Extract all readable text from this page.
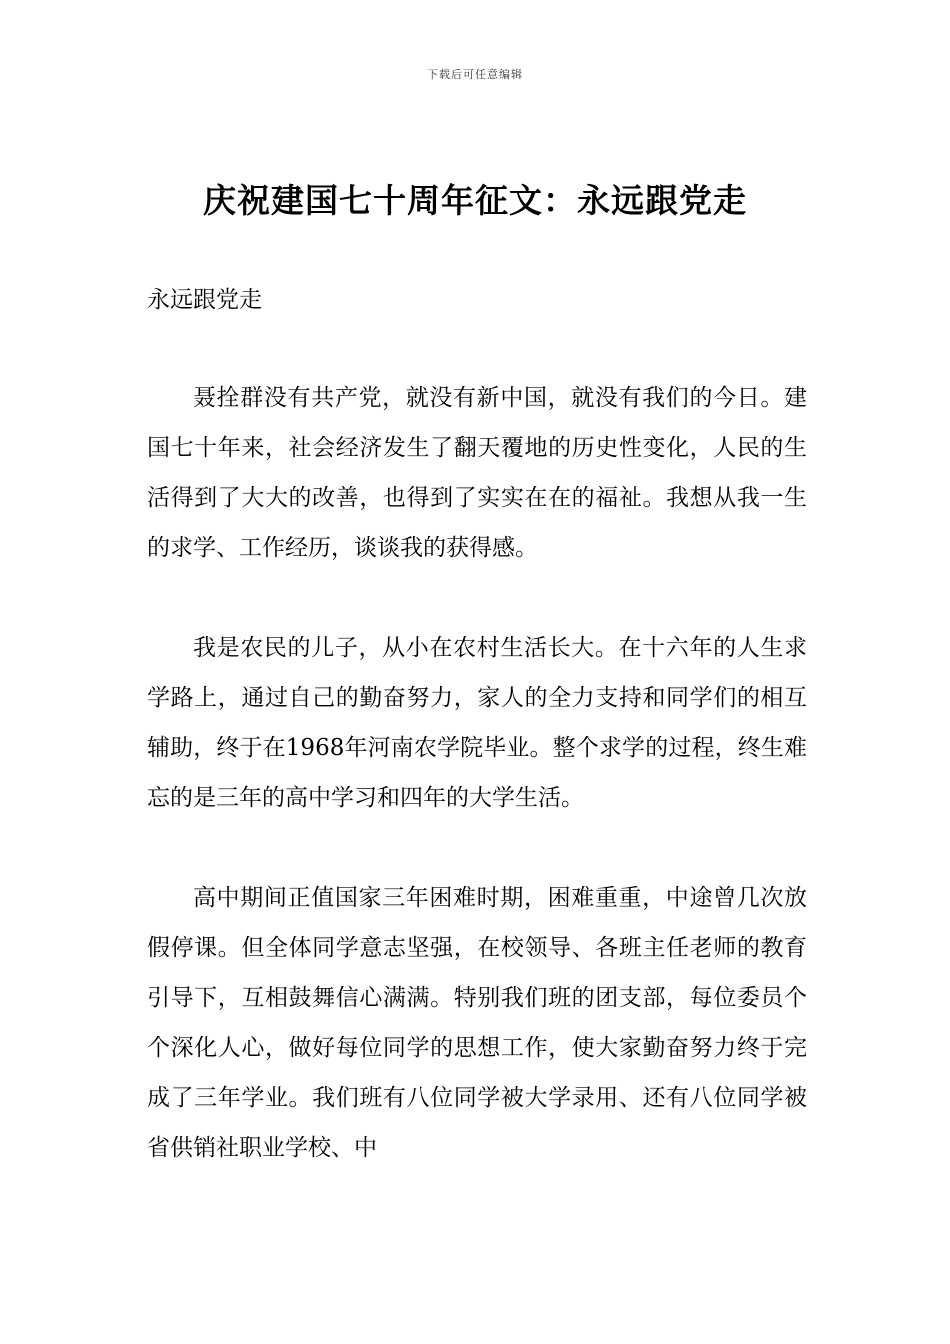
下载后可任意编辑
庆祝建国七十周年征文：永远跟党走

永远跟党走

聂拴群没有共产党，就没有新中国，就没有我们的今日。建国七十年来，社会经济发生了翻天覆地的历史性变化，人民的生活得到了大大的改善，也得到了实实在在的福祉。我想从我一生的求学、工作经历，谈谈我的获得感。

我是农民的儿子，从小在农村生活长大。在十六年的人生求学路上，通过自己的勤奋努力，家人的全力支持和同学们的相互辅助，终于在1968年河南农学院毕业。整个求学的过程，终生难忘的是三年的高中学习和四年的大学生活。

高中期间正值国家三年困难时期，困难重重，中途曾几次放假停课。但全体同学意志坚强，在校领导、各班主任老师的教育引导下，互相鼓舞信心满满。特别我们班的团支部，每位委员个个深化人心，做好每位同学的思想工作，使大家勤奋努力终于完成了三年学业。我们班有八位同学被大学录用、还有八位同学被省供销社职业学校、中
